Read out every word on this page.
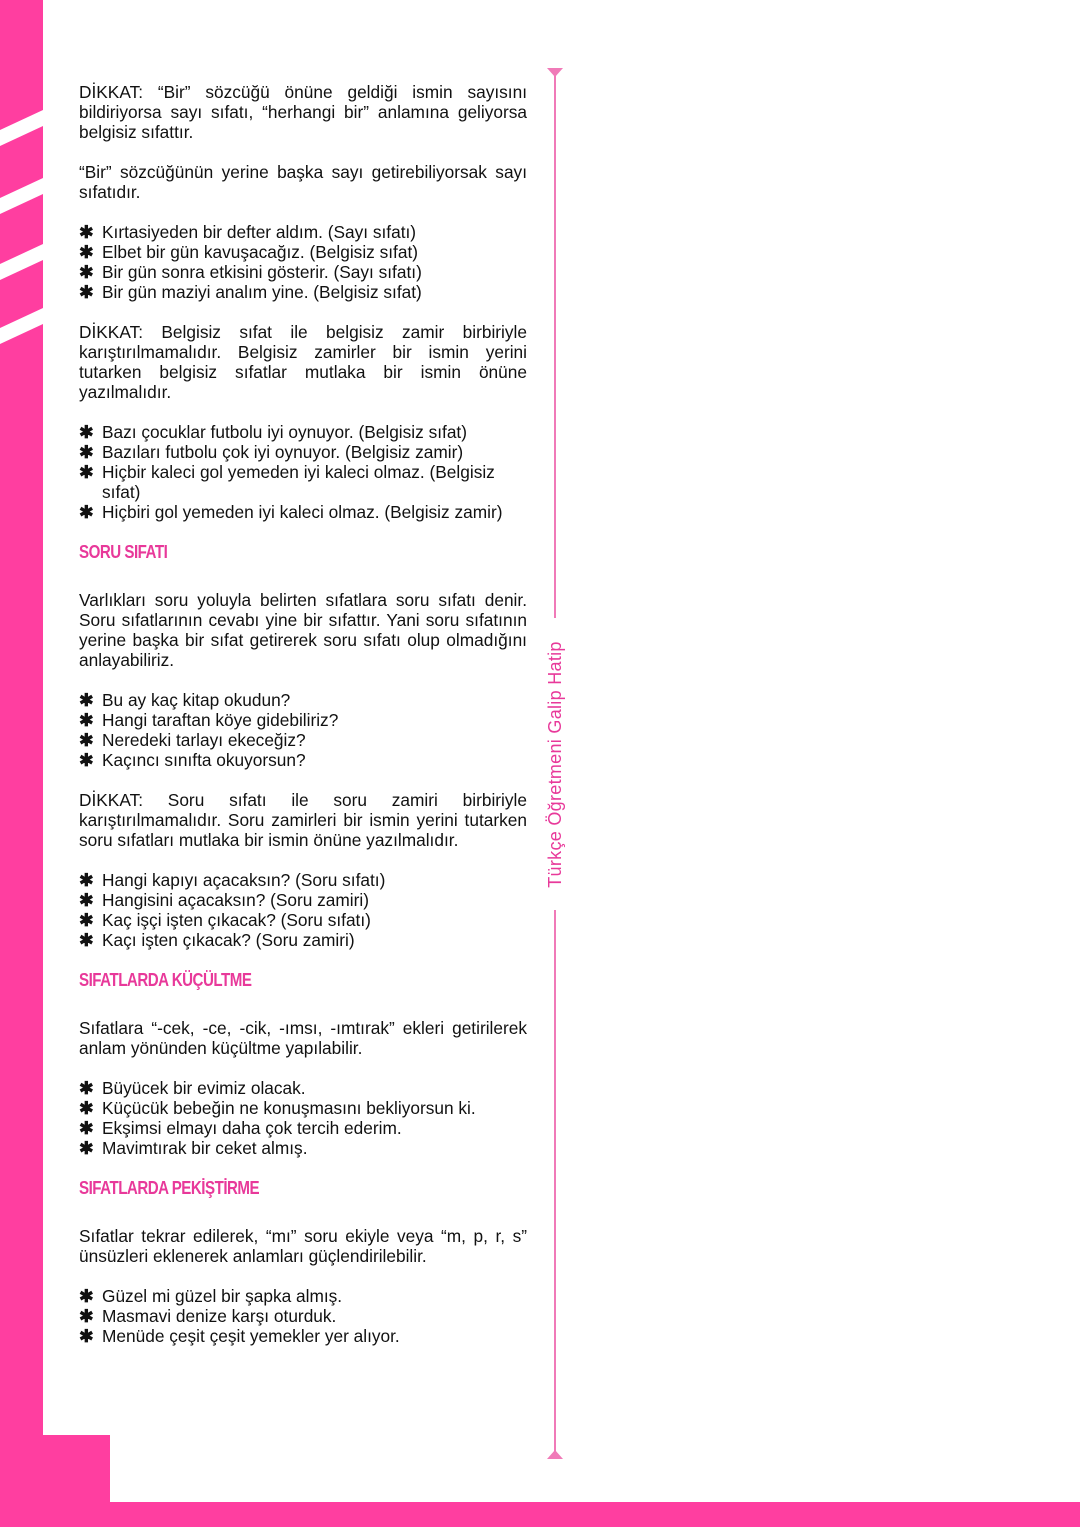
Türkçe Öğretmeni Galip Hatip

DİKKAT: “Bir” sözcüğü önüne geldiği ismin sayısını bildiriyorsa sayı sıfatı, “herhangi bir” anlamına geliyorsa belgisiz sıfattır.

“Bir” sözcüğünün yerine başka sayı getirebiliyorsak sayı sıfatıdır.

✱ Kırtasiyeden bir defter aldım. (Sayı sıfatı)
✱ Elbet bir gün kavuşacağız. (Belgisiz sıfat)
✱ Bir gün sonra etkisini gösterir. (Sayı sıfatı)
✱ Bir gün maziyi analım yine. (Belgisiz sıfat)

DİKKAT: Belgisiz sıfat ile belgisiz zamir birbiriyle karıştırılmamalıdır. Belgisiz zamirler bir ismin yerini tutarken belgisiz sıfatlar mutlaka bir ismin önüne yazılmalıdır.

✱ Bazı çocuklar futbolu iyi oynuyor. (Belgisiz sıfat)
✱ Bazıları futbolu çok iyi oynuyor. (Belgisiz zamir)
✱ Hiçbir kaleci gol yemeden iyi kaleci olmaz. (Belgisiz sıfat)
✱ Hiçbiri gol yemeden iyi kaleci olmaz. (Belgisiz zamir)
SORU SIFATI

Varlıkları soru yoluyla belirten sıfatlara soru sıfatı denir. Soru sıfatlarının cevabı yine bir sıfattır. Yani soru sıfatının yerine başka bir sıfat getirerek soru sıfatı olup olmadığını anlayabiliriz.

✱ Bu ay kaç kitap okudun?
✱ Hangi taraftan köye gidebiliriz?
✱ Neredeki tarlayı ekeceğiz?
✱ Kaçıncı sınıfta okuyorsun?

DİKKAT: Soru sıfatı ile soru zamiri birbiriyle karıştırılmamalıdır. Soru zamirleri bir ismin yerini tutarken soru sıfatları mutlaka bir ismin önüne yazılmalıdır.

✱ Hangi kapıyı açacaksın? (Soru sıfatı)
✱ Hangisini açacaksın? (Soru zamiri)
✱ Kaç işçi işten çıkacak? (Soru sıfatı)
✱ Kaçı işten çıkacak? (Soru zamiri)
SIFATLARDA KÜÇÜLTME

Sıfatlara “-cek, -ce, -cik, -ımsı, -ımtırak” ekleri getirilerek anlam yönünden küçültme yapılabilir.

✱ Büyücek bir evimiz olacak.
✱ Küçücük bebeğin ne konuşmasını bekliyorsun ki.
✱ Ekşimsi elmayı daha çok tercih ederim.
✱ Mavimtırak bir ceket almış.
SIFATLARDA PEKİŞTİRME

Sıfatlar tekrar edilerek, “mı” soru ekiyle veya “m, p, r, s” ünsüzleri eklenerek anlamları güçlendirilebilir.

✱ Güzel mi güzel bir şapka almış.
✱ Masmavi denize karşı oturduk.
✱ Menüde çeşit çeşit yemekler yer alıyor.
